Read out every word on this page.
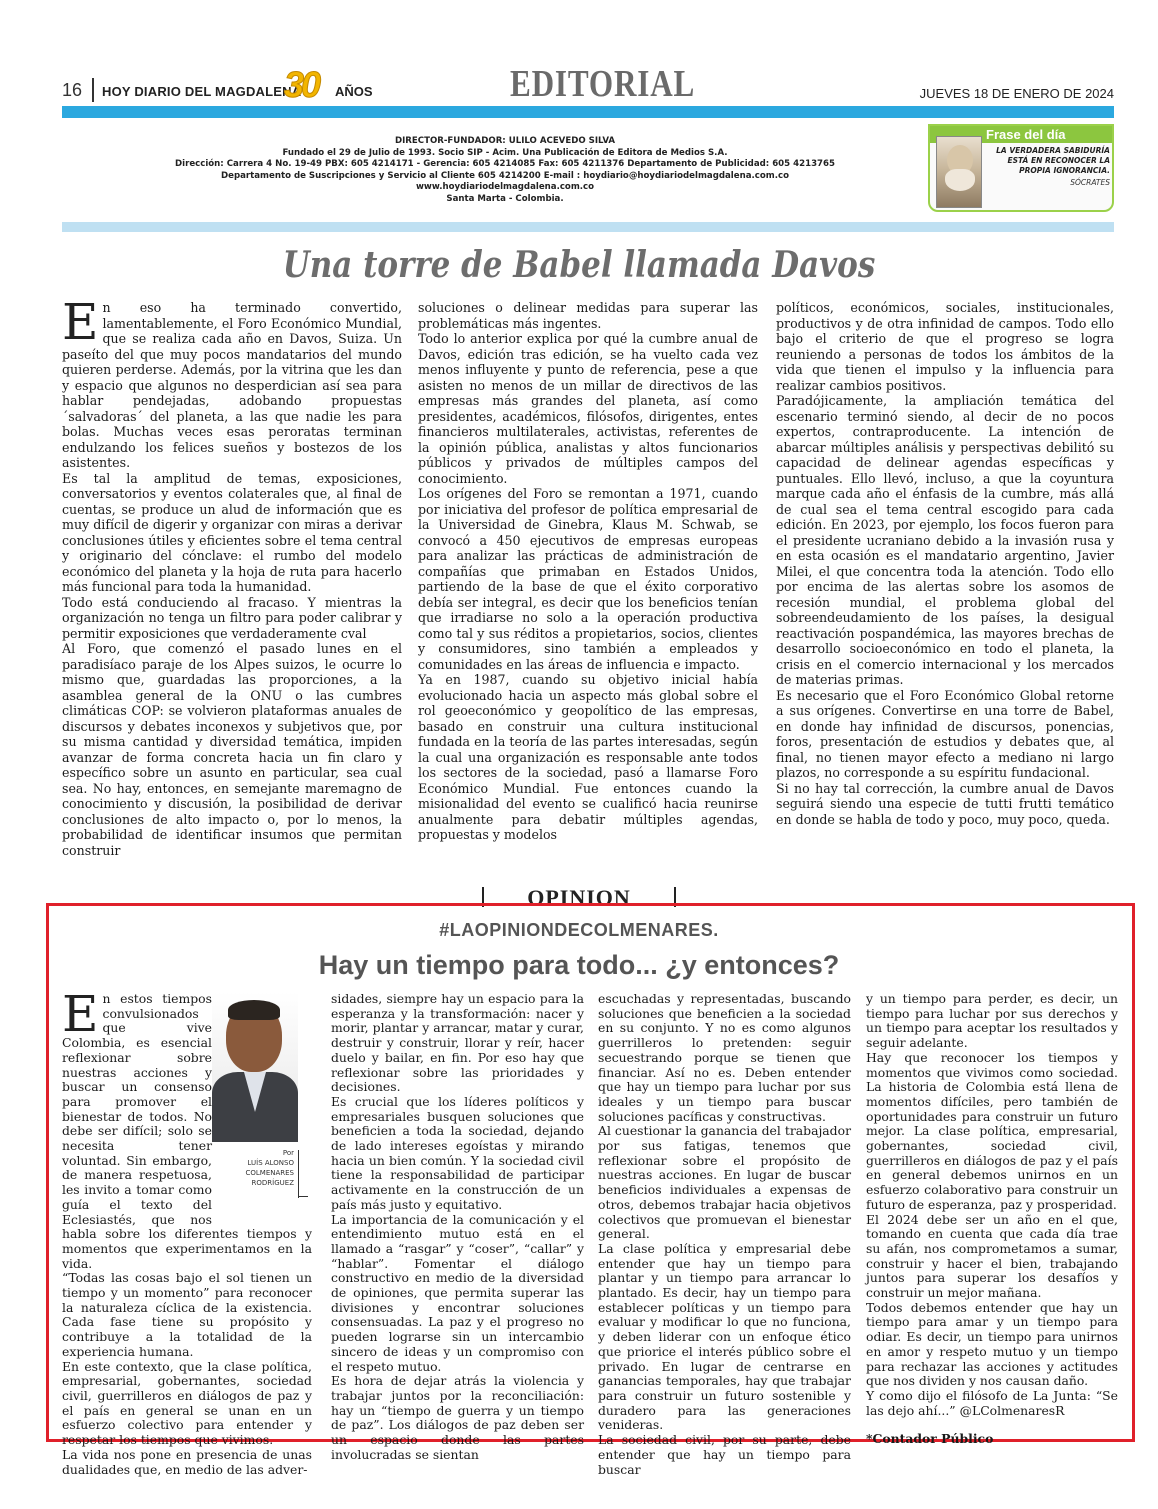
16 HOY DIARIO DEL MAGDALENA
30 AÑOS	EDITORIAL	JUEVES 18 DE ENERO DE 2024
DIRECTOR-FUNDADOR: ULILO ACEVEDO SILVA
Fundado el 29 de Julio de 1993. Socio SIP - Acim. Una Publicación de Editora de Medios S.A.
Dirección: Carrera 4 No. 19-49 PBX: 605 4214171 - Gerencia: 605 4214085 Fax: 605 4211376 Departamento de Publicidad: 605 4213765
Departamento de Suscripciones y Servicio al Cliente 605 4214200 E-mail : hoydiario@hoydiariodelmagdalena.com.co
www.hoydiariodelmagdalena.com.co
Santa Marta - Colombia.
Frase del día
LA VERDADERA SABIDURÍA ESTÁ EN RECONOCER LA PROPIA IGNORANCIA.
SÓCRATES
Una torre de Babel llamada Davos

En eso ha terminado convertido, lamentablemente, el Foro Económico Mundial, que se realiza cada año en Davos, Suiza. Un paseíto del que muy pocos mandatarios del mundo quieren perderse. Además, por la vitrina que les dan y espacio que algunos no desperdician así sea para hablar pendejadas, adobando propuestas ´salvadoras´ del planeta, a las que nadie les para bolas. Muchas veces esas peroratas terminan endulzando los felices sueños y bostezos de los asistentes.

Es tal la amplitud de temas, exposiciones, conversatorios y eventos colaterales que, al final de cuentas, se produce un alud de información que es muy difícil de digerir y organizar con miras a derivar conclusiones útiles y eficientes sobre el tema central y originario del cónclave: el rumbo del modelo económico del planeta y la hoja de ruta para hacerlo más funcional para toda la humanidad.

Todo está conduciendo al fracaso. Y mientras la organización no tenga un filtro para poder calibrar y permitir exposiciones que verdaderamente cval

Al Foro, que comenzó el pasado lunes en el paradisíaco paraje de los Alpes suizos, le ocurre lo mismo que, guardadas las proporciones, a la asamblea general de la ONU o las cumbres climáticas COP: se volvieron plataformas anuales de discursos y debates inconexos y subjetivos que, por su misma cantidad y diversidad temática, impiden avanzar de forma concreta hacia un fin claro y específico sobre un asunto en particular, sea cual sea. No hay, entonces, en semejante maremagno de conocimiento y discusión, la posibilidad de derivar conclusiones de alto impacto o, por lo menos, la probabilidad de identificar insumos que permitan construir

soluciones o delinear medidas para superar las problemáticas más ingentes.

Todo lo anterior explica por qué la cumbre anual de Davos, edición tras edición, se ha vuelto cada vez menos influyente y punto de referencia, pese a que asisten no menos de un millar de directivos de las empresas más grandes del planeta, así como presidentes, académicos, filósofos, dirigentes, entes financieros multilaterales, activistas, referentes de la opinión pública, analistas y altos funcionarios públicos y privados de múltiples campos del conocimiento.

Los orígenes del Foro se remontan a 1971, cuando por iniciativa del profesor de política empresarial de la Universidad de Ginebra, Klaus M. Schwab, se convocó a 450 ejecutivos de empresas europeas para analizar las prácticas de administración de compañías que primaban en Estados Unidos, partiendo de la base de que el éxito corporativo debía ser integral, es decir que los beneficios tenían que irradiarse no solo a la operación productiva como tal y sus réditos a propietarios, socios, clientes y consumidores, sino también a empleados y comunidades en las áreas de influencia e impacto.

Ya en 1987, cuando su objetivo inicial había evolucionado hacia un aspecto más global sobre el rol geoeconómico y geopolítico de las empresas, basado en construir una cultura institucional fundada en la teoría de las partes interesadas, según la cual una organización es responsable ante todos los sectores de la sociedad, pasó a llamarse Foro Económico Mundial. Fue entonces cuando la misionalidad del evento se cualificó hacia reunirse anualmente para debatir múltiples agendas, propuestas y modelos

políticos, económicos, sociales, institucionales, productivos y de otra infinidad de campos. Todo ello bajo el criterio de que el progreso se logra reuniendo a personas de todos los ámbitos de la vida que tienen el impulso y la influencia para realizar cambios positivos.

Paradójicamente, la ampliación temática del escenario terminó siendo, al decir de no pocos expertos, contraproducente. La intención de abarcar múltiples análisis y perspectivas debilitó su capacidad de delinear agendas específicas y puntuales. Ello llevó, incluso, a que la coyuntura marque cada año el énfasis de la cumbre, más allá de cual sea el tema central escogido para cada edición. En 2023, por ejemplo, los focos fueron para el presidente ucraniano debido a la invasión rusa y en esta ocasión es el mandatario argentino, Javier Milei, el que concentra toda la atención. Todo ello por encima de las alertas sobre los asomos de recesión mundial, el problema global del sobreendeudamiento de los países, la desigual reactivación pospandémica, las mayores brechas de desarrollo socioeconómico en todo el planeta, la crisis en el comercio internacional y los mercados de materias primas.

Es necesario que el Foro Económico Global retorne a sus orígenes. Convertirse en una torre de Babel, en donde hay infinidad de discursos, ponencias, foros, presentación de estudios y debates que, al final, no tienen mayor efecto a mediano ni largo plazos, no corresponde a su espíritu fundacional.

Si no hay tal corrección, la cumbre anual de Davos seguirá siendo una especie de tutti frutti temático en donde se habla de todo y poco, muy poco, queda.

OPINION
#LAOPINIONDECOLMENARES.
Hay un tiempo para todo... ¿y entonces?
Por
LUÍS ALONSO
COLMENARES
RODRÍGUEZ

En estos tiempos convulsionados que vive Colombia, es esencial reflexionar sobre nuestras acciones y buscar un consenso para promover el bienestar de todos. No debe ser difícil; solo se necesita tener voluntad. Sin embargo, de manera respetuosa, les invito a tomar como guía el texto del Eclesiastés, que nos habla sobre los diferentes tiempos y momentos que experimentamos en la vida.

“Todas las cosas bajo el sol tienen un tiempo y un momento” para reconocer la naturaleza cíclica de la existencia. Cada fase tiene su propósito y contribuye a la totalidad de la experiencia humana.

En este contexto, que la clase política, empresarial, gobernantes, sociedad civil, guerrilleros en diálogos de paz y el país en general se unan en un esfuerzo colectivo para entender y respetar los tiempos que vivimos.

La vida nos pone en presencia de unas dualidades que, en medio de las adver-

sidades, siempre hay un espacio para la esperanza y la transformación: nacer y morir, plantar y arrancar, matar y curar, destruir y construir, llorar y reír, hacer duelo y bailar, en fin. Por eso hay que reflexionar sobre las prioridades y decisiones.

Es crucial que los líderes políticos y empresariales busquen soluciones que beneficien a toda la sociedad, dejando de lado intereses egoístas y mirando hacia un bien común. Y la sociedad civil tiene la responsabilidad de participar activamente en la construcción de un país más justo y equitativo.

La importancia de la comunicación y el entendimiento mutuo está en el llamado a “rasgar” y “coser”, “callar” y “hablar”. Fomentar el diálogo constructivo en medio de la diversidad de opiniones, que permita superar las divisiones y encontrar soluciones consensuadas. La paz y el progreso no pueden lograrse sin un intercambio sincero de ideas y un compromiso con el respeto mutuo.

Es hora de dejar atrás la violencia y trabajar juntos por la reconciliación: hay un “tiempo de guerra y un tiempo de paz”. Los diálogos de paz deben ser un espacio donde las partes involucradas se sientan

escuchadas y representadas, buscando soluciones que beneficien a la sociedad en su conjunto. Y no es como algunos guerrilleros lo pretenden: seguir secuestrando porque se tienen que financiar. Así no es. Deben entender que hay un tiempo para luchar por sus ideales y un tiempo para buscar soluciones pacíficas y constructivas.

Al cuestionar la ganancia del trabajador por sus fatigas, tenemos que reflexionar sobre el propósito de nuestras acciones. En lugar de buscar beneficios individuales a expensas de otros, debemos trabajar hacia objetivos colectivos que promuevan el bienestar general.

La clase política y empresarial debe entender que hay un tiempo para plantar y un tiempo para arrancar lo plantado. Es decir, hay un tiempo para establecer políticas y un tiempo para evaluar y modificar lo que no funciona, y deben liderar con un enfoque ético que priorice el interés público sobre el privado. En lugar de centrarse en ganancias temporales, hay que trabajar para construir un futuro sostenible y duradero para las generaciones venideras.

La sociedad civil, por su parte, debe entender que hay un tiempo para buscar

y un tiempo para perder, es decir, un tiempo para luchar por sus derechos y un tiempo para aceptar los resultados y seguir adelante.

Hay que reconocer los tiempos y momentos que vivimos como sociedad. La historia de Colombia está llena de momentos difíciles, pero también de oportunidades para construir un futuro mejor. La clase política, empresarial, gobernantes, sociedad civil, guerrilleros en diálogos de paz y el país en general debemos unirnos en un esfuerzo colaborativo para construir un futuro de esperanza, paz y prosperidad.

El 2024 debe ser un año en el que, tomando en cuenta que cada día trae su afán, nos comprometamos a sumar, construir y hacer el bien, trabajando juntos para superar los desafíos y construir un mejor mañana.

Todos debemos entender que hay un tiempo para amar y un tiempo para odiar. Es decir, un tiempo para unirnos en amor y respeto mutuo y un tiempo para rechazar las acciones y actitudes que nos dividen y nos causan daño.

Y como dijo el filósofo de La Junta: “Se las dejo ahí...” @LColmenaresR

*Contador Público
